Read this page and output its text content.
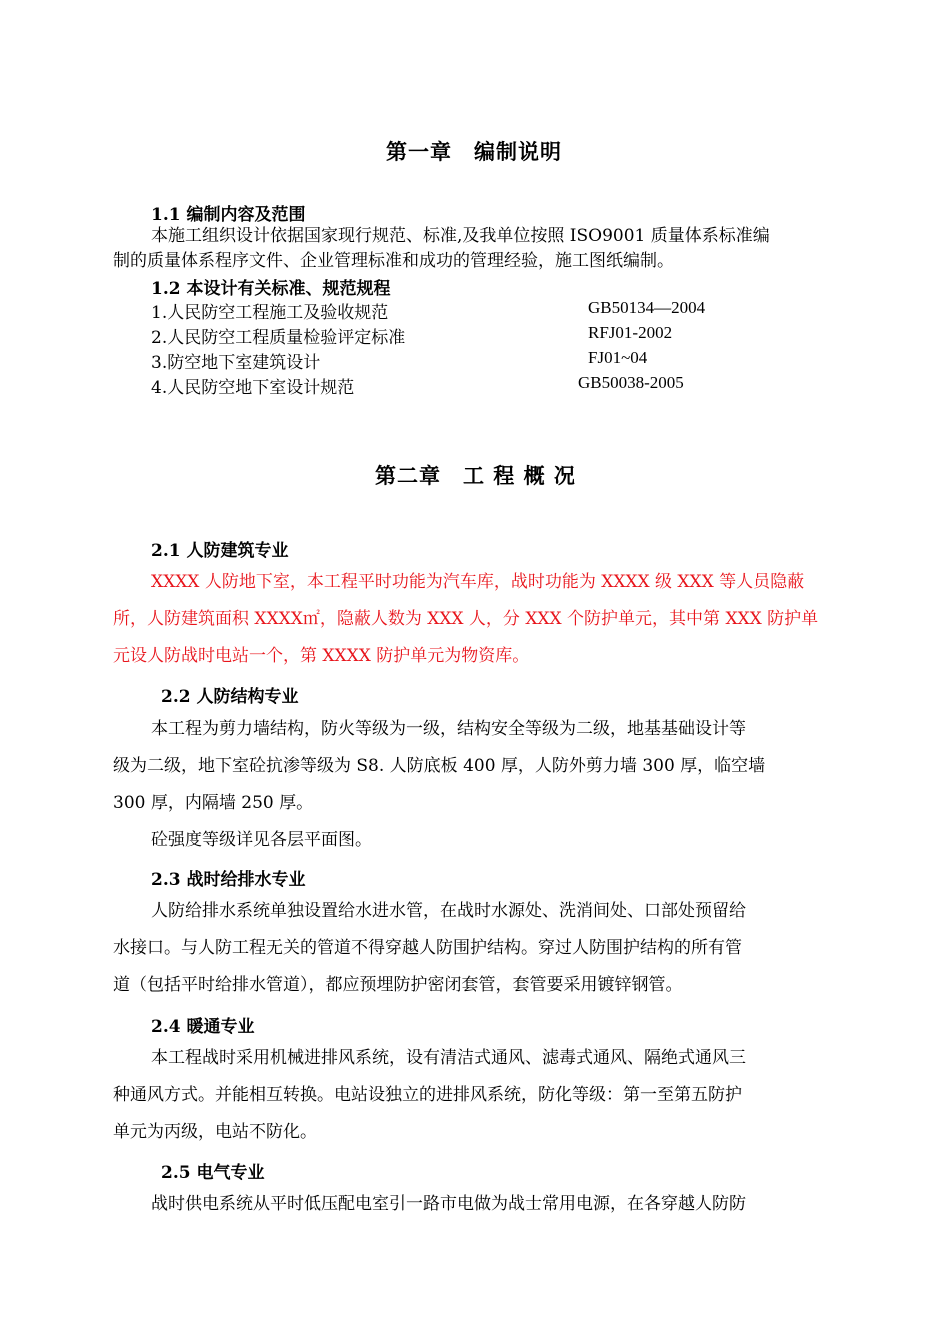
第一章　编制说明
1.1 编制内容及范围
本施工组织设计依据国家现行规范、标准,及我单位按照 ISO9001 质量体系标准编
制的质量体系程序文件、企业管理标准和成功的管理经验，施工图纸编制。
1.2 本设计有关标准、规范规程
1.人民防空工程施工及验收规范	GB50134—2004
2.人民防空工程质量检验评定标准	RFJ01-2002
3.防空地下室建筑设计	FJ01~04
4.人民防空地下室设计规范	GB50038-2005
第二章　工 程 概 况
2.1 人防建筑专业
XXXX 人防地下室，本工程平时功能为汽车库，战时功能为 XXXX 级 XXX 等人员隐蔽
所，人防建筑面积 XXXX㎡，隐蔽人数为 XXX 人，分 XXX 个防护单元，其中第 XXX 防护单
元设人防战时电站一个，第 XXXX 防护单元为物资库。
2.2 人防结构专业
本工程为剪力墙结构，防火等级为一级，结构安全等级为二级，地基基础设计等
级为二级，地下室砼抗渗等级为 S8. 人防底板 400 厚，人防外剪力墙 300 厚，临空墙
300 厚，内隔墙 250 厚。
砼强度等级详见各层平面图。
2.3 战时给排水专业
人防给排水系统单独设置给水进水管，在战时水源处、洗消间处、口部处预留给
水接口。与人防工程无关的管道不得穿越人防围护结构。穿过人防围护结构的所有管
道（包括平时给排水管道），都应预埋防护密闭套管，套管要采用镀锌钢管。
2.4 暖通专业
本工程战时采用机械进排风系统，设有清洁式通风、滤毒式通风、隔绝式通风三
种通风方式。并能相互转换。电站设独立的进排风系统，防化等级：第一至第五防护
单元为丙级，电站不防化。
2.5 电气专业
战时供电系统从平时低压配电室引一路市电做为战士常用电源，在各穿越人防防
